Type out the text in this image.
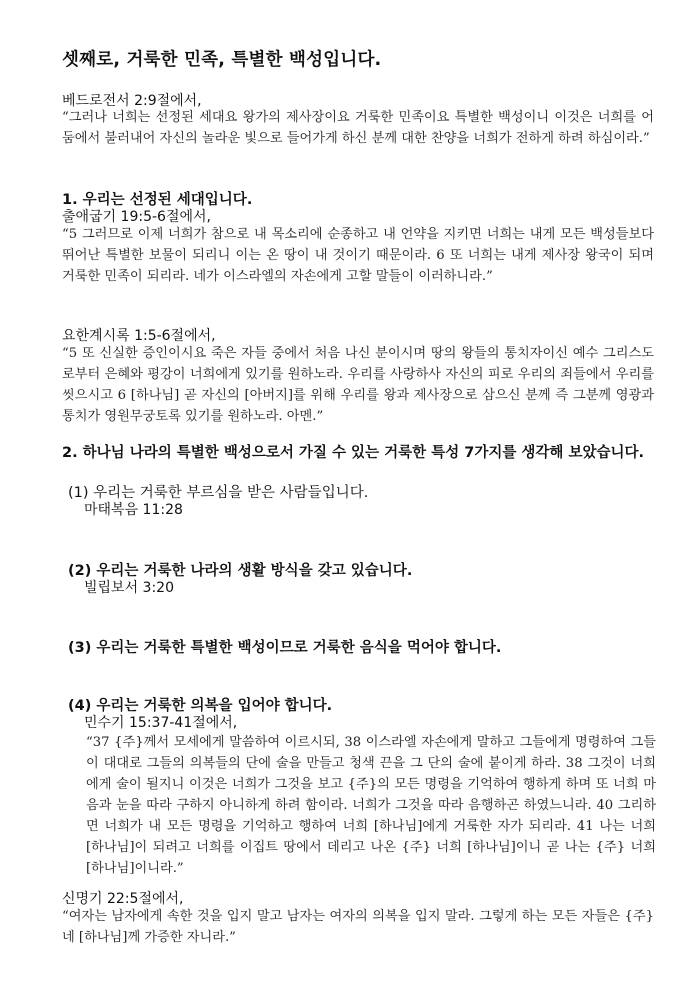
셋째로, 거룩한 민족, 특별한 백성입니다.
베드로전서 2:9절에서,
“그러나 너희는 선정된 세대요 왕가의 제사장이요 거룩한 민족이요 특별한 백성이니 이것은 너희를 어둠에서 불러내어 자신의 놀라운 빛으로 들어가게 하신 분께 대한 찬양을 너희가 전하게 하려 하심이라.”
1. 우리는 선정된 세대입니다.
출애굽기 19:5-6절에서,
“5 그러므로 이제 너희가 참으로 내 목소리에 순종하고 내 언약을 지키면 너희는 내게 모든 백성들보다 뛰어난 특별한 보물이 되리니 이는 온 땅이 내 것이기 때문이라. 6 또 너희는 내게 제사장 왕국이 되며 거룩한 민족이 되리라. 네가 이스라엘의 자손에게 고할 말들이 이러하니라.”
요한계시록 1:5-6절에서,
“5 또 신실한 증인이시요 죽은 자들 중에서 처음 나신 분이시며 땅의 왕들의 통치자이신 예수 그리스도로부터 은혜와 평강이 너희에게 있기를 원하노라. 우리를 사랑하사 자신의 피로 우리의 죄들에서 우리를 씻으시고 6 [하나님] 곧 자신의 [아버지]를 위해 우리를 왕과 제사장으로 삼으신 분께 즉 그분께 영광과 통치가 영원무궁토록 있기를 원하노라. 아멘.”
2. 하나님 나라의 특별한 백성으로서 가질 수 있는 거룩한 특성 7가지를 생각해 보았습니다.
(1) 우리는 거룩한 부르심을 받은 사람들입니다.
마태복음 11:28
(2) 우리는 거룩한 나라의 생활 방식을 갖고 있습니다.
빌립보서 3:20
(3) 우리는 거룩한 특별한 백성이므로 거룩한 음식을 먹어야 합니다.
(4) 우리는 거룩한 의복을 입어야 합니다.
민수기 15:37-41절에서,
“37 {주}께서 모세에게 말씀하여 이르시되, 38 이스라엘 자손에게 말하고 그들에게 명령하여 그들이 대대로 그들의 의복들의 단에 술을 만들고 청색 끈을 그 단의 술에 붙이게 하라. 38 그것이 너희에게 술이 될지니 이것은 너희가 그것을 보고 {주}의 모든 명령을 기억하여 행하게 하며 또 너희 마음과 눈을 따라 구하지 아니하게 하려 함이라. 너희가 그것을 따라 음행하곤 하였느니라. 40 그리하면 너희가 내 모든 명령을 기억하고 행하여 너희 [하나님]에게 거룩한 자가 되리라. 41 나는 너희 [하나님]이 되려고 너희를 이집트 땅에서 데리고 나온 {주} 너희 [하나님]이니 곧 나는 {주} 너희 [하나님]이니라.”
신명기 22:5절에서,
“여자는 남자에게 속한 것을 입지 말고 남자는 여자의 의복을 입지 말라. 그렇게 하는 모든 자들은 {주} 네 [하나님]께 가증한 자니라.”
